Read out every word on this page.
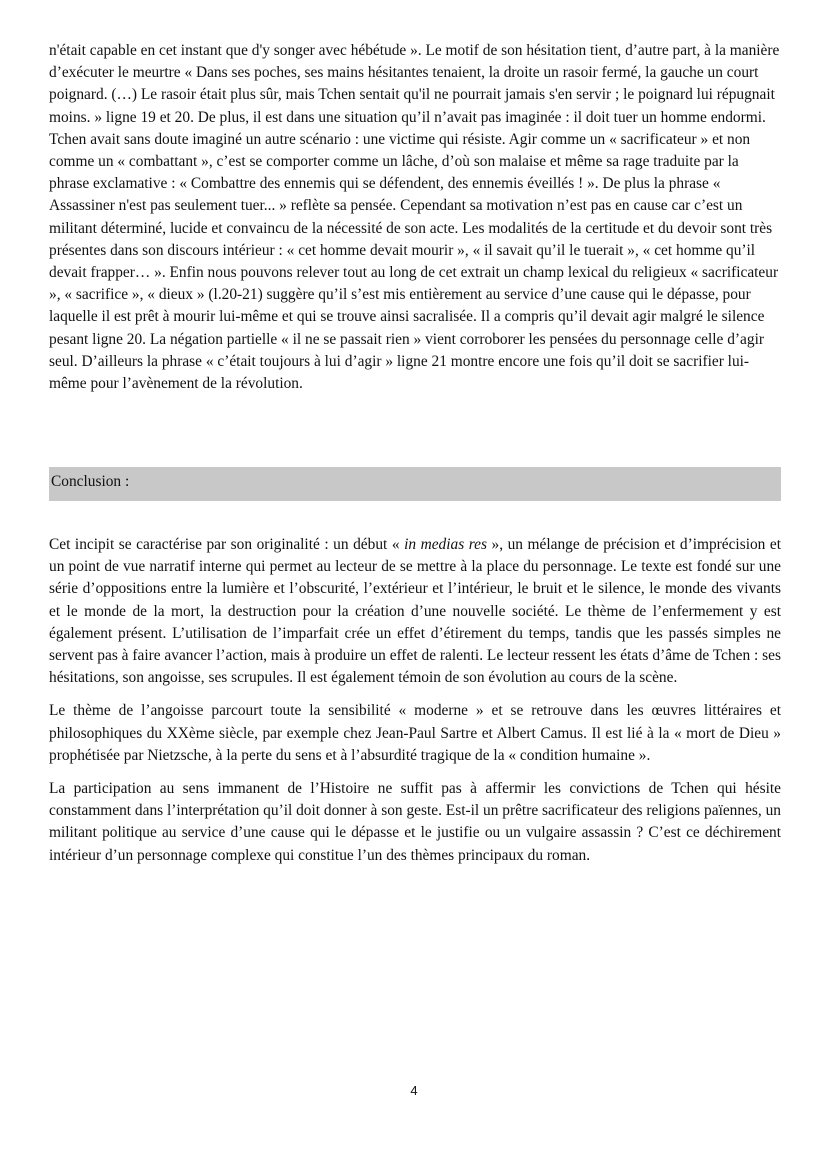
n'était capable en cet instant que d'y songer avec hébétude ». Le motif de son hésitation tient, d’autre part, à la manière d’exécuter le meurtre « Dans ses poches, ses mains hésitantes tenaient, la droite un rasoir fermé, la gauche un court poignard. (…) Le rasoir était plus sûr, mais Tchen sentait qu'il ne pourrait jamais s'en servir ; le poignard lui répugnait moins. » ligne 19 et 20. De plus, il est dans une situation qu’il n’avait pas imaginée : il doit tuer un homme endormi. Tchen avait sans doute imaginé un autre scénario : une victime qui résiste. Agir comme un « sacrificateur » et non comme un « combattant », c’est se comporter comme un lâche, d’où son malaise et même sa rage traduite par la phrase exclamative : « Combattre des ennemis qui se défendent, des ennemis éveillés ! ». De plus la phrase « Assassiner n'est pas seulement tuer... » reflète sa pensée. Cependant sa motivation n’est pas en cause car c’est un militant déterminé, lucide et convaincu de la nécessité de son acte. Les modalités de la certitude et du devoir sont très présentes dans son discours intérieur : « cet homme devait mourir », « il savait qu’il le tuerait », « cet homme qu’il devait frapper… ». Enfin nous pouvons relever tout au long de cet extrait un champ lexical du religieux « sacrificateur », « sacrifice », « dieux » (l.20-21) suggère qu’il s’est mis entièrement au service d’une cause qui le dépasse, pour laquelle il est prêt à mourir lui-même et qui se trouve ainsi sacralisée. Il a compris qu’il devait agir malgré le silence pesant ligne 20. La négation partielle « il ne se passait rien » vient corroborer les pensées du personnage celle d’agir seul. D’ailleurs la phrase « c’était toujours à lui d’agir » ligne 21 montre encore une fois qu’il doit se sacrifier lui-même pour l’avènement de la révolution.

Conclusion :

Cet incipit se caractérise par son originalité : un début « in medias res », un mélange de précision et d’imprécision et un point de vue narratif interne qui permet au lecteur de se mettre à la place du personnage. Le texte est fondé sur une série d’oppositions entre la lumière et l’obscurité, l’extérieur et l’intérieur, le bruit et le silence, le monde des vivants et le monde de la mort, la destruction pour la création d’une nouvelle société. Le thème de l’enfermement y est également présent. L’utilisation de l’imparfait crée un effet d’étirement du temps, tandis que les passés simples ne servent pas à faire avancer l’action, mais à produire un effet de ralenti. Le lecteur ressent les états d’âme de Tchen : ses hésitations, son angoisse, ses scrupules. Il est également témoin de son évolution au cours de la scène.

Le thème de l’angoisse parcourt toute la sensibilité « moderne » et se retrouve dans les œuvres littéraires et philosophiques du XXème siècle, par exemple chez Jean-Paul Sartre et Albert Camus. Il est lié à la « mort de Dieu » prophétisée par Nietzsche, à la perte du sens et à l’absurdité tragique de la « condition humaine ».

La participation au sens immanent de l’Histoire ne suffit pas à affermir les convictions de Tchen qui hésite constamment dans l’interprétation qu’il doit donner à son geste. Est-il un prêtre sacrificateur des religions païennes, un militant politique au service d’une cause qui le dépasse et le justifie ou un vulgaire assassin ? C’est ce déchirement intérieur d’un personnage complexe qui constitue l’un des thèmes principaux du roman.

4
